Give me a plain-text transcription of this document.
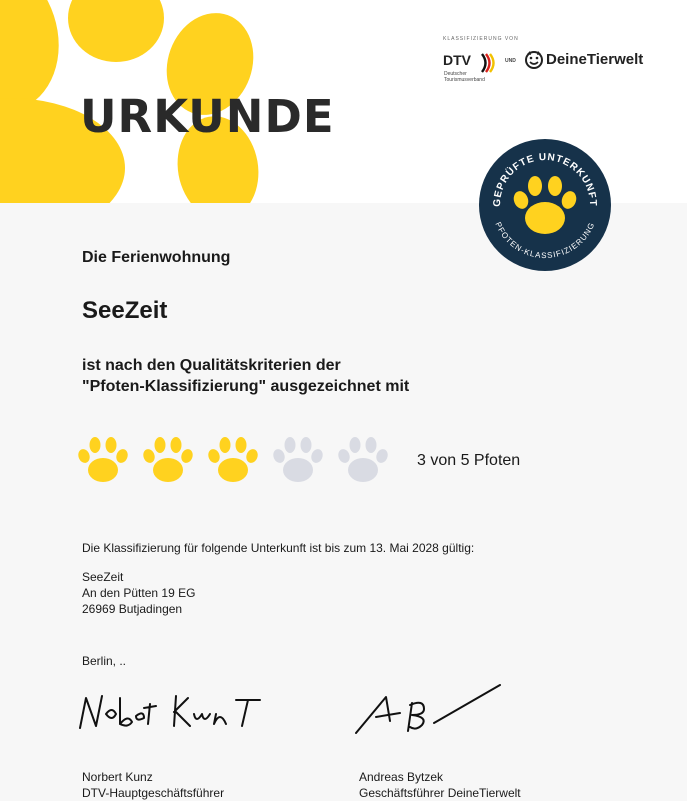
URKUNDE
KLASSIFIZIERUNG VON
DTV
Deutscher Tourismusverband
UND DeineTierwelt
GEPRÜFTE UNTERKUNFT
PFOTEN-KLASSIFIZIERUNG
Die Ferienwohnung
SeeZeit
ist nach den Qualitätskriterien der
"Pfoten-Klassifizierung" ausgezeichnet mit
3 von 5 Pfoten
Die Klassifizierung für folgende Unterkunft ist bis zum 13. Mai 2028 gültig:
SeeZeit
An den Pütten 19 EG
26969 Butjadingen
Berlin, ..
Norbert Kunz
DTV-Hauptgeschäftsführer
Andreas Bytzek
Geschäftsführer DeineTierwelt
